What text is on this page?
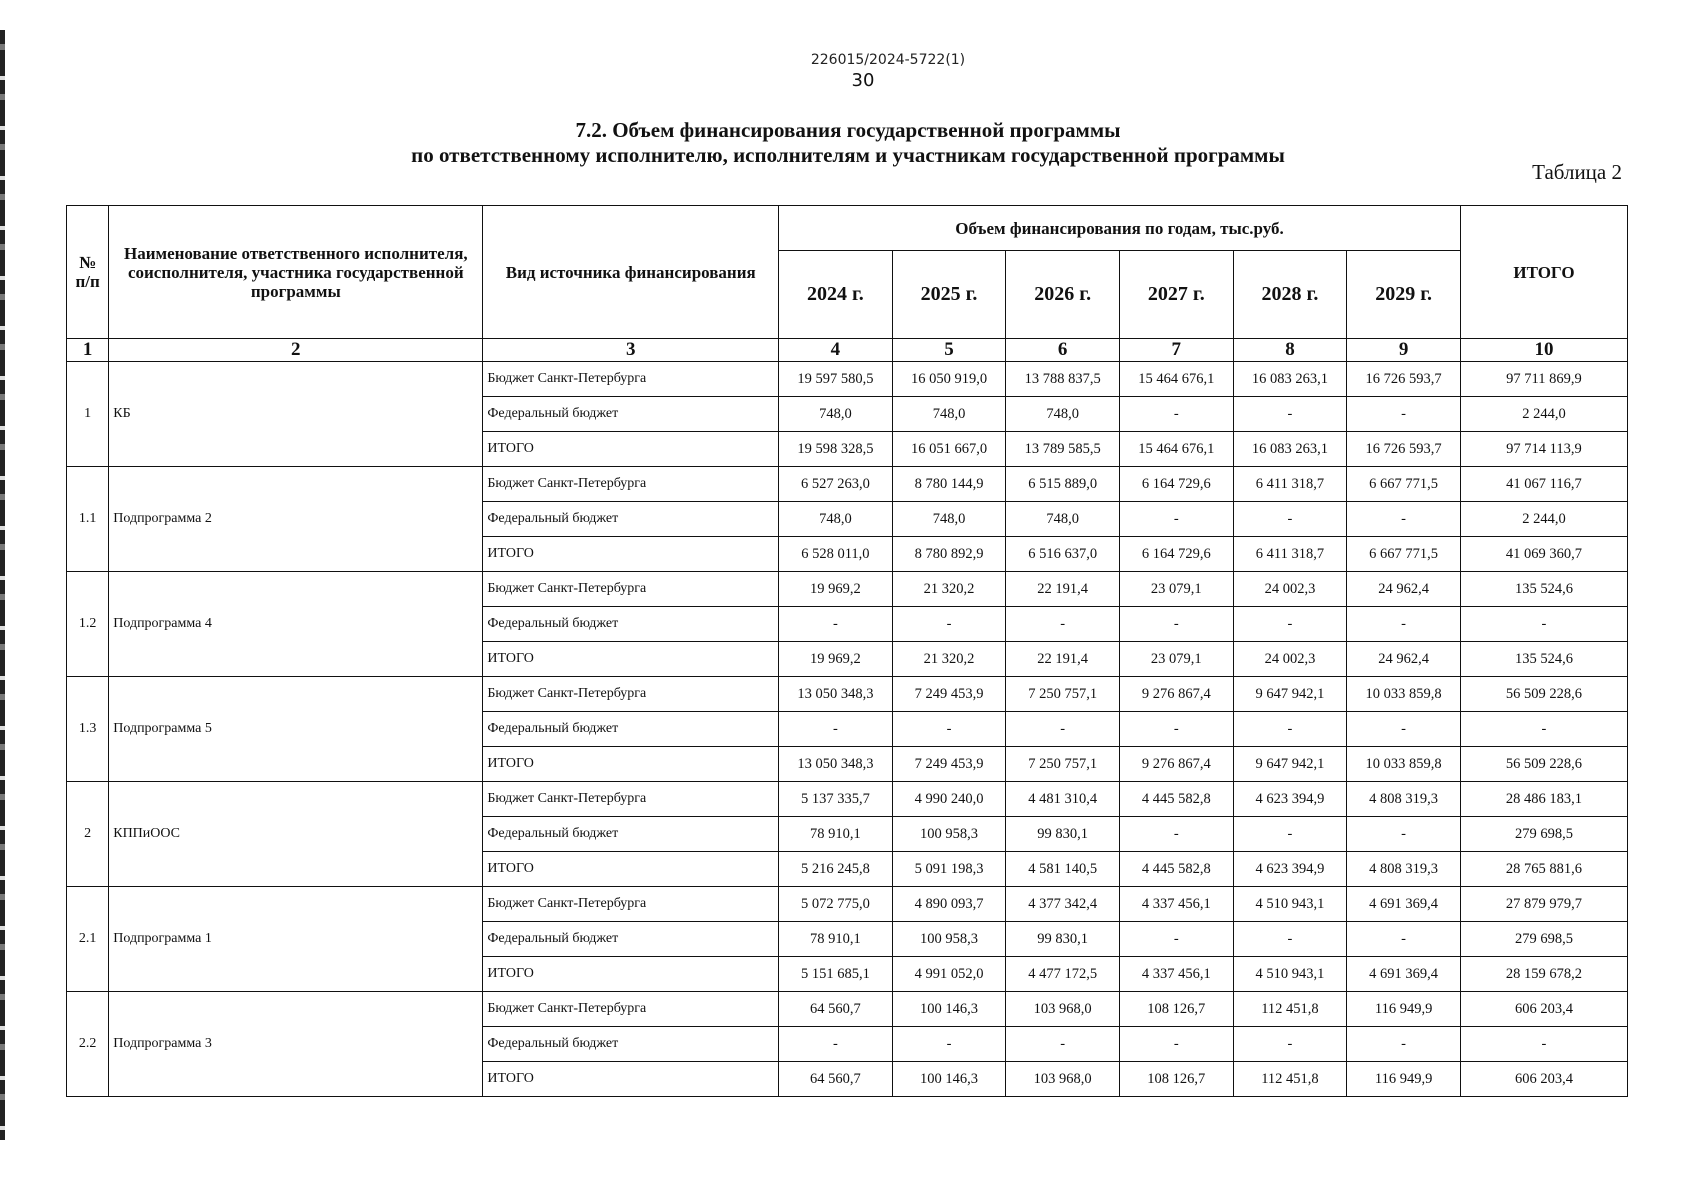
226015/2024-5722(1)
30
7.2. Объем финансирования государственной программы
по ответственному исполнителю, исполнителям и участникам государственной программы
Таблица 2
№ п/п	Наименование ответственного исполнителя, соисполнителя, участника государственной программы	Вид источника финансирования	Объем финансирования по годам, тыс.руб.						ИТОГО
			2024 г.	2025 г.	2026 г.	2027 г.	2028 г.	2029 г.	
1	2	3	4	5	6	7	8	9	10
1	КБ	Бюджет Санкт-Петербурга	19 597 580,5	16 050 919,0	13 788 837,5	15 464 676,1	16 083 263,1	16 726 593,7	97 711 869,9
		Федеральный бюджет	748,0	748,0	748,0	-	-	-	2 244,0
		ИТОГО	19 598 328,5	16 051 667,0	13 789 585,5	15 464 676,1	16 083 263,1	16 726 593,7	97 714 113,9
1.1	Подпрограмма 2	Бюджет Санкт-Петербурга	6 527 263,0	8 780 144,9	6 515 889,0	6 164 729,6	6 411 318,7	6 667 771,5	41 067 116,7
		Федеральный бюджет	748,0	748,0	748,0	-	-	-	2 244,0
		ИТОГО	6 528 011,0	8 780 892,9	6 516 637,0	6 164 729,6	6 411 318,7	6 667 771,5	41 069 360,7
1.2	Подпрограмма 4	Бюджет Санкт-Петербурга	19 969,2	21 320,2	22 191,4	23 079,1	24 002,3	24 962,4	135 524,6
		Федеральный бюджет	-	-	-	-	-	-	-
		ИТОГО	19 969,2	21 320,2	22 191,4	23 079,1	24 002,3	24 962,4	135 524,6
1.3	Подпрограмма 5	Бюджет Санкт-Петербурга	13 050 348,3	7 249 453,9	7 250 757,1	9 276 867,4	9 647 942,1	10 033 859,8	56 509 228,6
		Федеральный бюджет	-	-	-	-	-	-	-
		ИТОГО	13 050 348,3	7 249 453,9	7 250 757,1	9 276 867,4	9 647 942,1	10 033 859,8	56 509 228,6
2	КППиООС	Бюджет Санкт-Петербурга	5 137 335,7	4 990 240,0	4 481 310,4	4 445 582,8	4 623 394,9	4 808 319,3	28 486 183,1
		Федеральный бюджет	78 910,1	100 958,3	99 830,1	-	-	-	279 698,5
		ИТОГО	5 216 245,8	5 091 198,3	4 581 140,5	4 445 582,8	4 623 394,9	4 808 319,3	28 765 881,6
2.1	Подпрограмма 1	Бюджет Санкт-Петербурга	5 072 775,0	4 890 093,7	4 377 342,4	4 337 456,1	4 510 943,1	4 691 369,4	27 879 979,7
		Федеральный бюджет	78 910,1	100 958,3	99 830,1	-	-	-	279 698,5
		ИТОГО	5 151 685,1	4 991 052,0	4 477 172,5	4 337 456,1	4 510 943,1	4 691 369,4	28 159 678,2
2.2	Подпрограмма 3	Бюджет Санкт-Петербурга	64 560,7	100 146,3	103 968,0	108 126,7	112 451,8	116 949,9	606 203,4
		Федеральный бюджет	-	-	-	-	-	-	-
		ИТОГО	64 560,7	100 146,3	103 968,0	108 126,7	112 451,8	116 949,9	606 203,4
